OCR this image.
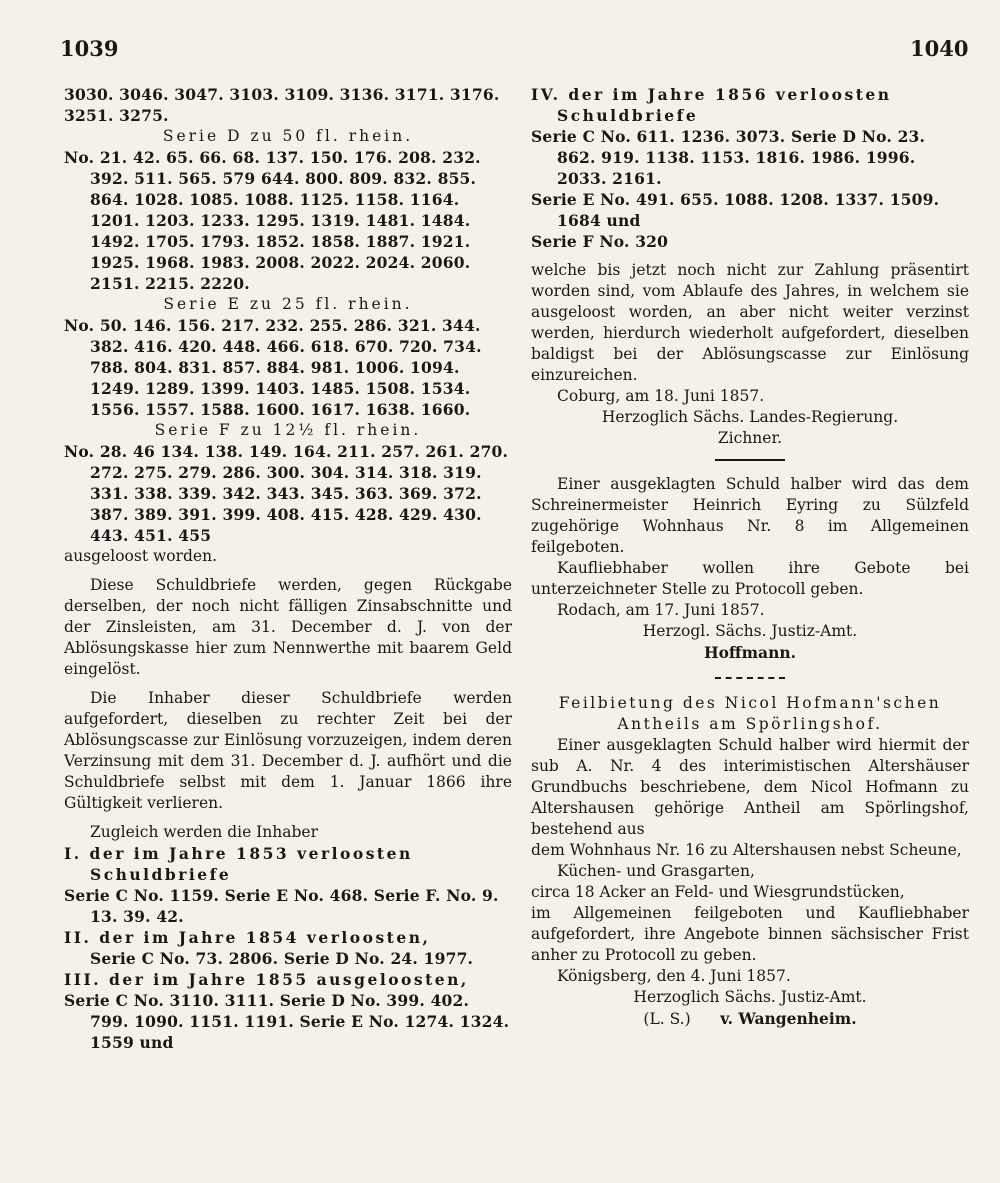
1039	1040

3030. 3046. 3047. 3103. 3109. 3136. 3171. 3176. 3251. 3275.

Serie D zu 50 fl. rhein.

No. 21. 42. 65. 66. 68. 137. 150. 176. 208. 232. 392. 511. 565. 579 644. 800. 809. 832. 855. 864. 1028. 1085. 1088. 1125. 1158. 1164. 1201. 1203. 1233. 1295. 1319. 1481. 1484. 1492. 1705. 1793. 1852. 1858. 1887. 1921. 1925. 1968. 1983. 2008. 2022. 2024. 2060. 2151. 2215. 2220.

Serie E zu 25 fl. rhein.

No. 50. 146. 156. 217. 232. 255. 286. 321. 344. 382. 416. 420. 448. 466. 618. 670. 720. 734. 788. 804. 831. 857. 884. 981. 1006. 1094. 1249. 1289. 1399. 1403. 1485. 1508. 1534. 1556. 1557. 1588. 1600. 1617. 1638. 1660.

Serie F zu 12½ fl. rhein.

No. 28. 46 134. 138. 149. 164. 211. 257. 261. 270. 272. 275. 279. 286. 300. 304. 314. 318. 319. 331. 338. 339. 342. 343. 345. 363. 369. 372. 387. 389. 391. 399. 408. 415. 428. 429. 430. 443. 451. 455

ausgeloost worden.

Diese Schuldbriefe werden, gegen Rückgabe derselben, der noch nicht fälligen Zinsabschnitte und der Zinsleisten, am 31. December d. J. von der Ablösungskasse hier zum Nennwerthe mit baarem Geld eingelöst.

Die Inhaber dieser Schuldbriefe werden aufgefordert, dieselben zu rechter Zeit bei der Ablösungscasse zur Einlösung vorzuzeigen, indem deren Verzinsung mit dem 31. December d. J. aufhört und die Schuldbriefe selbst mit dem 1. Januar 1866 ihre Gültigkeit verlieren.

Zugleich werden die Inhaber

I. der im Jahre 1853 verloosten Schuldbriefe

Serie C No. 1159. Serie E No. 468. Serie F. No. 9. 13. 39. 42.

II. der im Jahre 1854 verloosten,

Serie C No. 73. 2806. Serie D No. 24. 1977.

III. der im Jahre 1855 ausgeloosten,

Serie C No. 3110. 3111. Serie D No. 399. 402. 799. 1090. 1151. 1191. Serie E No. 1274. 1324. 1559 und

IV. der im Jahre 1856 verloosten Schuldbriefe

Serie C No. 611. 1236. 3073. Serie D No. 23. 862. 919. 1138. 1153. 1816. 1986. 1996. 2033. 2161.

Serie E No. 491. 655. 1088. 1208. 1337. 1509. 1684 und

Serie F No. 320

welche bis jetzt noch nicht zur Zahlung präsentirt worden sind, vom Ablaufe des Jahres, in welchem sie ausgeloost worden, an aber nicht weiter verzinst werden, hierdurch wiederholt aufgefordert, dieselben baldigst bei der Ablösungscasse zur Einlösung einzureichen.

Coburg, am 18. Juni 1857.

Herzoglich Sächs. Landes-Regierung.

Zichner.

Einer ausgeklagten Schuld halber wird das dem Schreinermeister Heinrich Eyring zu Sülzfeld zugehörige Wohnhaus Nr. 8 im Allgemeinen feilgeboten.

Kaufliebhaber wollen ihre Gebote bei unterzeichneter Stelle zu Protocoll geben.

Rodach, am 17. Juni 1857.

Herzogl. Sächs. Justiz-Amt.

Hoffmann.

Feilbietung des Nicol Hofmann'schen Antheils am Spörlingshof.

Einer ausgeklagten Schuld halber wird hiermit der sub A. Nr. 4 des interimistischen Altershäuser Grundbuchs beschriebene, dem Nicol Hofmann zu Altershausen gehörige Antheil am Spörlingshof, bestehend aus

dem Wohnhaus Nr. 16 zu Altershausen nebst Scheune, Küchen- und Grasgarten,

circa 18 Acker an Feld- und Wiesgrundstücken,

im Allgemeinen feilgeboten und Kaufliebhaber aufgefordert, ihre Angebote binnen sächsischer Frist anher zu Protocoll zu geben.

Königsberg, den 4. Juni 1857.

Herzoglich Sächs. Justiz-Amt.

(L. S.) v. Wangenheim.
